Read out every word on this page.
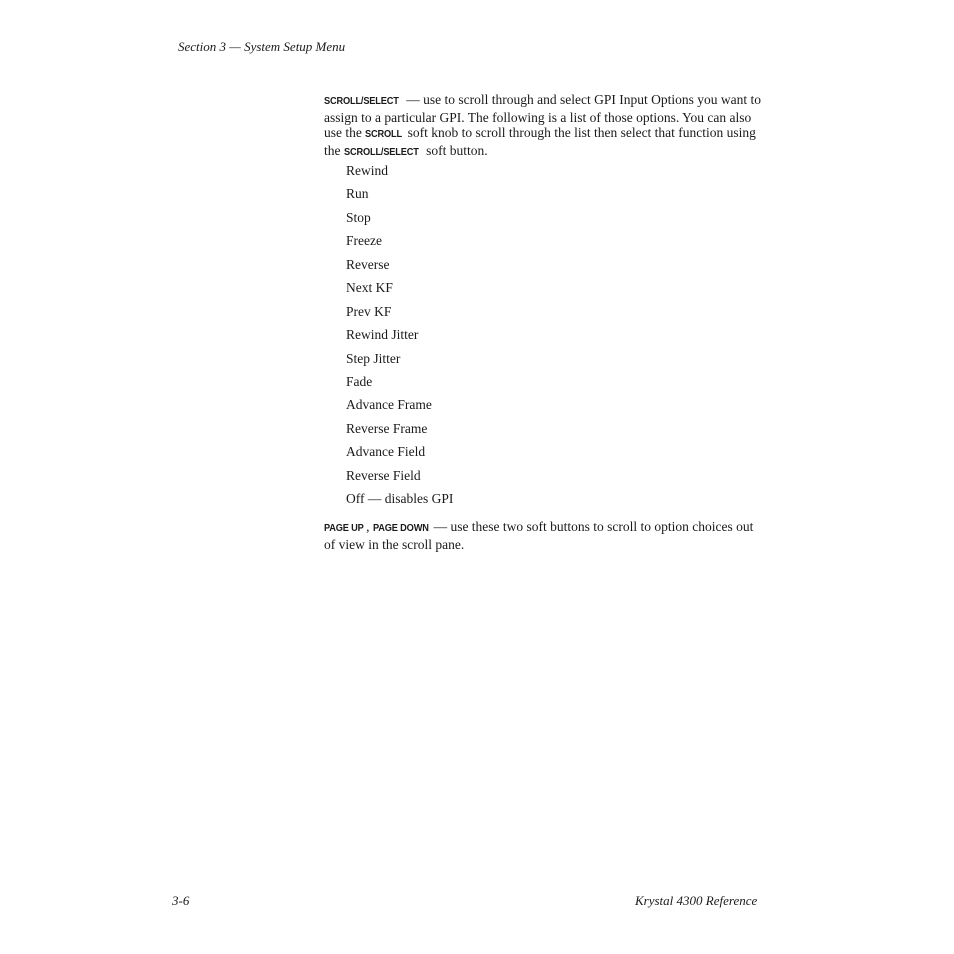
Section 3 — System Setup Menu

SCROLL/SELECT — use to scroll through and select GPI Input Options you want to assign to a particular GPI. The following is a list of those options. You can also use the SCROLL soft knob to scroll through the list then select that function using the SCROLL/SELECT soft button.

Rewind
Run
Stop
Freeze
Reverse
Next KF
Prev KF
Rewind Jitter
Step Jitter
Fade
Advance Frame
Reverse Frame
Advance Field
Reverse Field
Off — disables GPI

PAGE UP , PAGE DOWN — use these two soft buttons to scroll to option choices out of view in the scroll pane.

3-6	Krystal 4300 Reference
